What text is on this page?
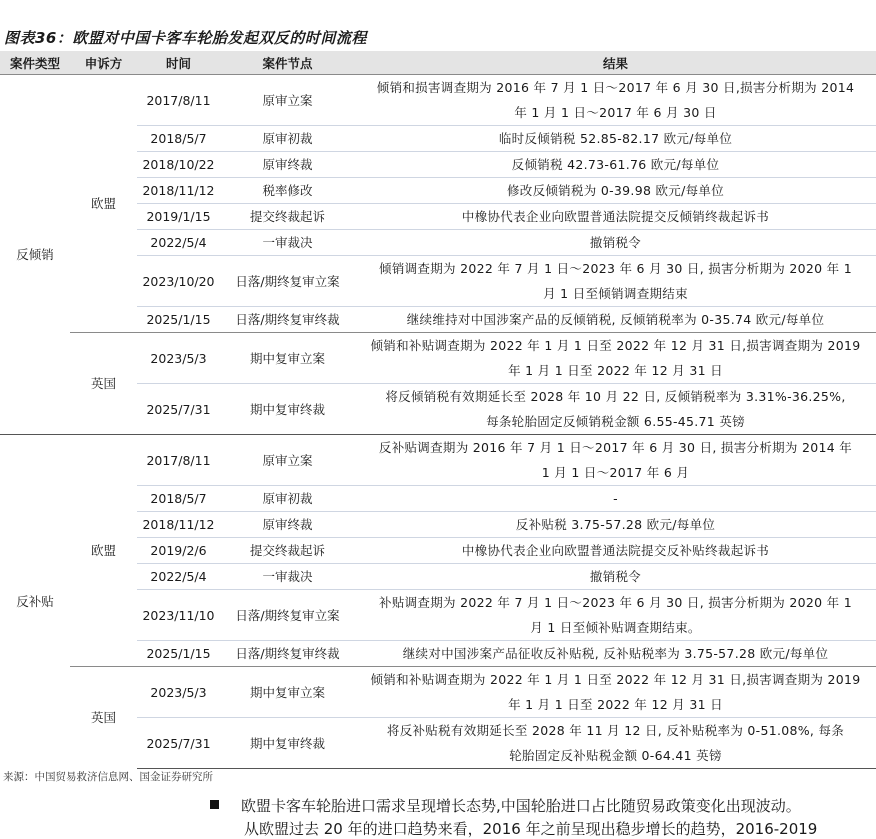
图表36：欧盟对中国卡客车轮胎发起双反的时间流程
案件类型	申诉方	时间	案件节点	结果
反倾销	欧盟	2017/8/11	原审立案	倾销和损害调查期为 2016 年 7 月 1 日～2017 年 6 月 30 日,损害分析期为 2014
年 1 月 1 日～2017 年 6 月 30 日

		2018/5/7	原审初裁	临时反倾销税 52.85-82.17 欧元/每单位

		2018/10/22	原审终裁	反倾销税 42.73-61.76 欧元/每单位

		2018/11/12	税率修改	修改反倾销税为 0-39.98 欧元/每单位

		2019/1/15	提交终裁起诉	中橡协代表企业向欧盟普通法院提交反倾销终裁起诉书

		2022/5/4	一审裁决	撤销税令

		2023/10/20	日落/期终复审立案	倾销调查期为 2022 年 7 月 1 日～2023 年 6 月 30 日, 损害分析期为 2020 年 1
月 1 日至倾销调查期结束

		2025/1/15	日落/期终复审终裁	继续维持对中国涉案产品的反倾销税, 反倾销税率为 0-35.74 欧元/每单位

	英国	2023/5/3	期中复审立案	倾销和补贴调查期为 2022 年 1 月 1 日至 2022 年 12 月 31 日,损害调查期为 2019
年 1 月 1 日至 2022 年 12 月 31 日

		2025/7/31	期中复审终裁	将反倾销税有效期延长至 2028 年 10 月 22 日, 反倾销税率为 3.31%-36.25%,
每条轮胎固定反倾销税金额 6.55-45.71 英镑

反补贴	欧盟	2017/8/11	原审立案	反补贴调查期为 2016 年 7 月 1 日～2017 年 6 月 30 日, 损害分析期为 2014 年
1 月 1 日～2017 年 6 月

		2018/5/7	原审初裁	-

		2018/11/12	原审终裁	反补贴税 3.75-57.28 欧元/每单位

		2019/2/6	提交终裁起诉	中橡协代表企业向欧盟普通法院提交反补贴终裁起诉书

		2022/5/4	一审裁决	撤销税令

		2023/11/10	日落/期终复审立案	补贴调查期为 2022 年 7 月 1 日～2023 年 6 月 30 日, 损害分析期为 2020 年 1
月 1 日至倾补贴调查期结束。

		2025/1/15	日落/期终复审终裁	继续对中国涉案产品征收反补贴税, 反补贴税率为 3.75-57.28 欧元/每单位

	英国	2023/5/3	期中复审立案	倾销和补贴调查期为 2022 年 1 月 1 日至 2022 年 12 月 31 日,损害调查期为 2019
年 1 月 1 日至 2022 年 12 月 31 日

		2025/7/31	期中复审终裁	将反补贴税有效期延长至 2028 年 11 月 12 日, 反补贴税率为 0-51.08%, 每条
轮胎固定反补贴税金额 0-64.41 英镑
来源：中国贸易救济信息网、国金证券研究所
欧盟卡客车轮胎进口需求呈现增长态势,中国轮胎进口占比随贸易政策变化出现波动。
从欧盟过去 20 年的进口趋势来看，2016 年之前呈现出稳步增长的趋势，2016-2019
